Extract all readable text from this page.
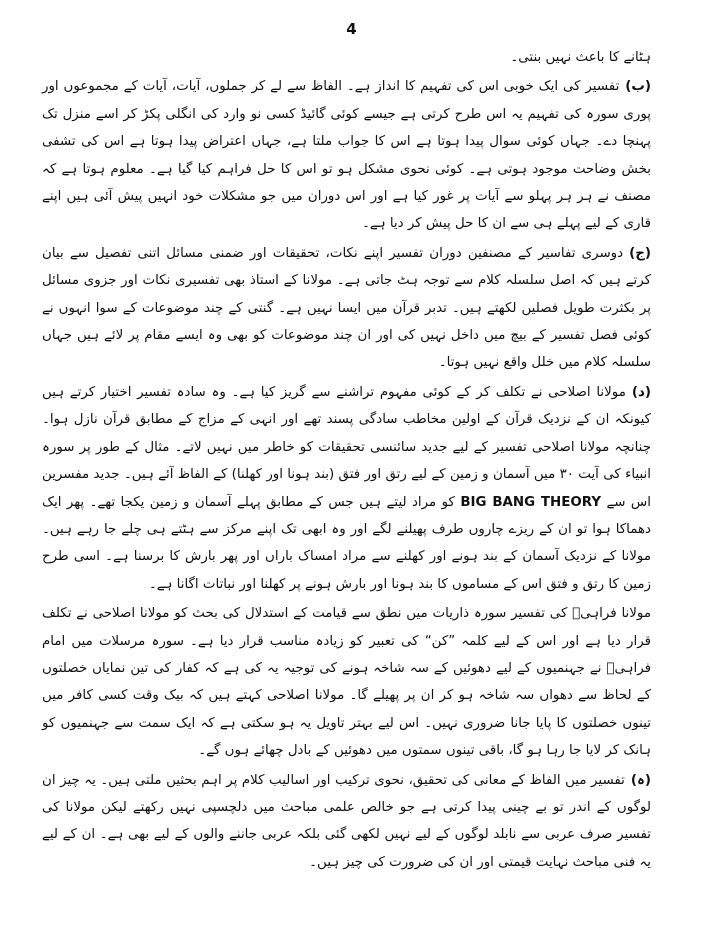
4

ہٹانے کا باعث نہیں بنتی۔

(ب)تفسیر کی ایک خوبی اس کی تفہیم کا انداز ہے۔ الفاظ سے لے کر جملوں، آیات، آیات کے مجموعوں اور پوری سورہ کی تفہیم یہ اس طرح کرتی ہے جیسے کوئی گائیڈ کسی نو وارد کی انگلی پکڑ کر اسے منزل تک پہنچا دے۔ جہاں کوئی سوال پیدا ہوتا ہے اس کا جواب ملتا ہے، جہاں اعتراض پیدا ہوتا ہے اس کی تشفی بخش وضاحت موجود ہوتی ہے۔ کوئی نحوی مشکل ہو تو اس کا حل فراہم کیا گیا ہے۔ معلوم ہوتا ہے کہ مصنف نے ہر ہر پہلو سے آیات پر غور کیا ہے اور اس دوران میں جو مشکلات خود انہیں پیش آئی ہیں اپنے قاری کے لیے پہلے ہی سے ان کا حل پیش کر دیا ہے۔

(ج)دوسری تفاسیر کے مصنفین دوران تفسیر اپنے نکات، تحقیقات اور ضمنی مسائل اتنی تفصیل سے بیان کرتے ہیں کہ اصل سلسلہ کلام سے توجہ ہٹ جاتی ہے۔ مولانا کے استاذ بھی تفسیری نکات اور جزوی مسائل پر بکثرت طویل فصلیں لکھتے ہیں۔ تدبر قرآن میں ایسا نہیں ہے۔ گنتی کے چند موضوعات کے سوا انہوں نے کوئی فصل تفسیر کے بیچ میں داخل نہیں کی اور ان چند موضوعات کو بھی وہ ایسے مقام پر لائے ہیں جہاں سلسلہ کلام میں خلل واقع نہیں ہوتا۔

(د)مولانا اصلاحی نے تکلف کر کے کوئی مفہوم تراشنے سے گریز کیا ہے۔ وہ سادہ تفسیر اختیار کرتے ہیں کیونکہ ان کے نزدیک قرآن کے اولین مخاطب سادگی پسند تھے اور انہی کے مزاج کے مطابق قرآن نازل ہوا۔ چنانچہ مولانا اصلاحی تفسیر کے لیے جدید سائنسی تحقیقات کو خاطر میں نہیں لاتے۔ مثال کے طور پر سورہ انبیاء کی آیت ۳۰ میں آسمان و زمین کے لیے رتق اور فتق (بند ہونا اور کھلنا) کے الفاظ آئے ہیں۔ جدید مفسرین اس سے BIG BANG THEORY کو مراد لیتے ہیں جس کے مطابق پہلے آسمان و زمین یکجا تھے۔ پھر ایک دھماکا ہوا تو ان کے ریزے چاروں طرف پھیلنے لگے اور وہ ابھی تک اپنے مرکز سے ہٹتے ہی چلے جا رہے ہیں۔ مولانا کے نزدیک آسمان کے بند ہونے اور کھلنے سے مراد امساک باراں اور پھر بارش کا برسنا ہے۔ اسی طرح زمین کا رتق و فتق اس کے مساموں کا بند ہونا اور بارش ہونے پر کھلنا اور نباتات اگانا ہے۔

مولانا فراہیؒ کی تفسیر سورہ ذاریات میں نطق سے قیامت کے استدلال کی بحث کو مولانا اصلاحی نے تکلف قرار دیا ہے اور اس کے لیے کلمہ ”کن“ کی تعبیر کو زیادہ مناسب قرار دیا ہے۔ سورہ مرسلات میں امام فراہیؒ نے جہنمیوں کے لیے دھوئیں کے سہ شاخہ ہونے کی توجیہ یہ کی ہے کہ کفار کی تین نمایاں خصلتوں کے لحاظ سے دھواں سہ شاخہ ہو کر ان پر پھیلے گا۔ مولانا اصلاحی کہتے ہیں کہ بیک وقت کسی کافر میں تینوں خصلتوں کا پایا جانا ضروری نہیں۔ اس لیے بہتر تاویل یہ ہو سکتی ہے کہ ایک سمت سے جہنمیوں کو ہانک کر لایا جا رہا ہو گا، باقی تینوں سمتوں میں دھوئیں کے بادل چھائے ہوں گے۔

(ہ)تفسیر میں الفاظ کے معانی کی تحقیق، نحوی ترکیب اور اسالیب کلام پر اہم بحثیں ملتی ہیں۔ یہ چیز ان لوگوں کے اندر تو بے چینی پیدا کرتی ہے جو خالص علمی مباحث میں دلچسپی نہیں رکھتے لیکن مولانا کی تفسیر صرف عربی سے نابلد لوگوں کے لیے نہیں لکھی گئی بلکہ عربی جاننے والوں کے لیے بھی ہے۔ ان کے لیے یہ فنی مباحث نہایت قیمتی اور ان کی ضرورت کی چیز ہیں۔
